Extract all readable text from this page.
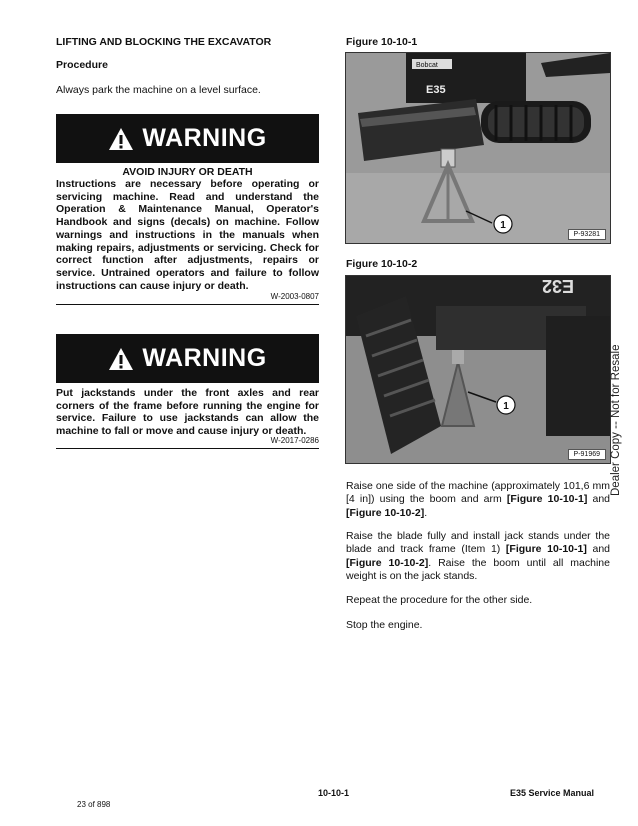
LIFTING AND BLOCKING THE EXCAVATOR
Procedure
Always park the machine on a level surface.
WARNING
AVOID INJURY OR DEATH
Instructions are necessary before operating or servicing machine. Read and understand the Operation & Maintenance Manual, Operator's Handbook and signs (decals) on machine. Follow warnings and instructions in the manuals when making repairs, adjustments or servicing. Check for correct function after adjustments, repairs or service. Untrained operators and failure to follow instructions can cause injury or death.
W-2003-0807
WARNING
Put jackstands under the front axles and rear corners of the frame before running the engine for service. Failure to use jackstands can allow the machine to fall or move and cause injury or death.
W-2017-0286
Figure 10-10-1
Bobcat
E35
1
P-93281
Figure 10-10-2
E32
1
P-91969
Raise one side of the machine (approximately 101,6 mm [4 in]) using the boom and arm [Figure 10-10-1] and [Figure 10-10-2].
Raise the blade fully and install jack stands under the blade and track frame (Item 1) [Figure 10-10-1] and [Figure 10-10-2]. Raise the boom until all machine weight is on the jack stands.
Repeat the procedure for the other side.
Stop the engine.
Dealer Copy -- Not for Resale
10-10-1	E35 Service Manual
23 of 898
